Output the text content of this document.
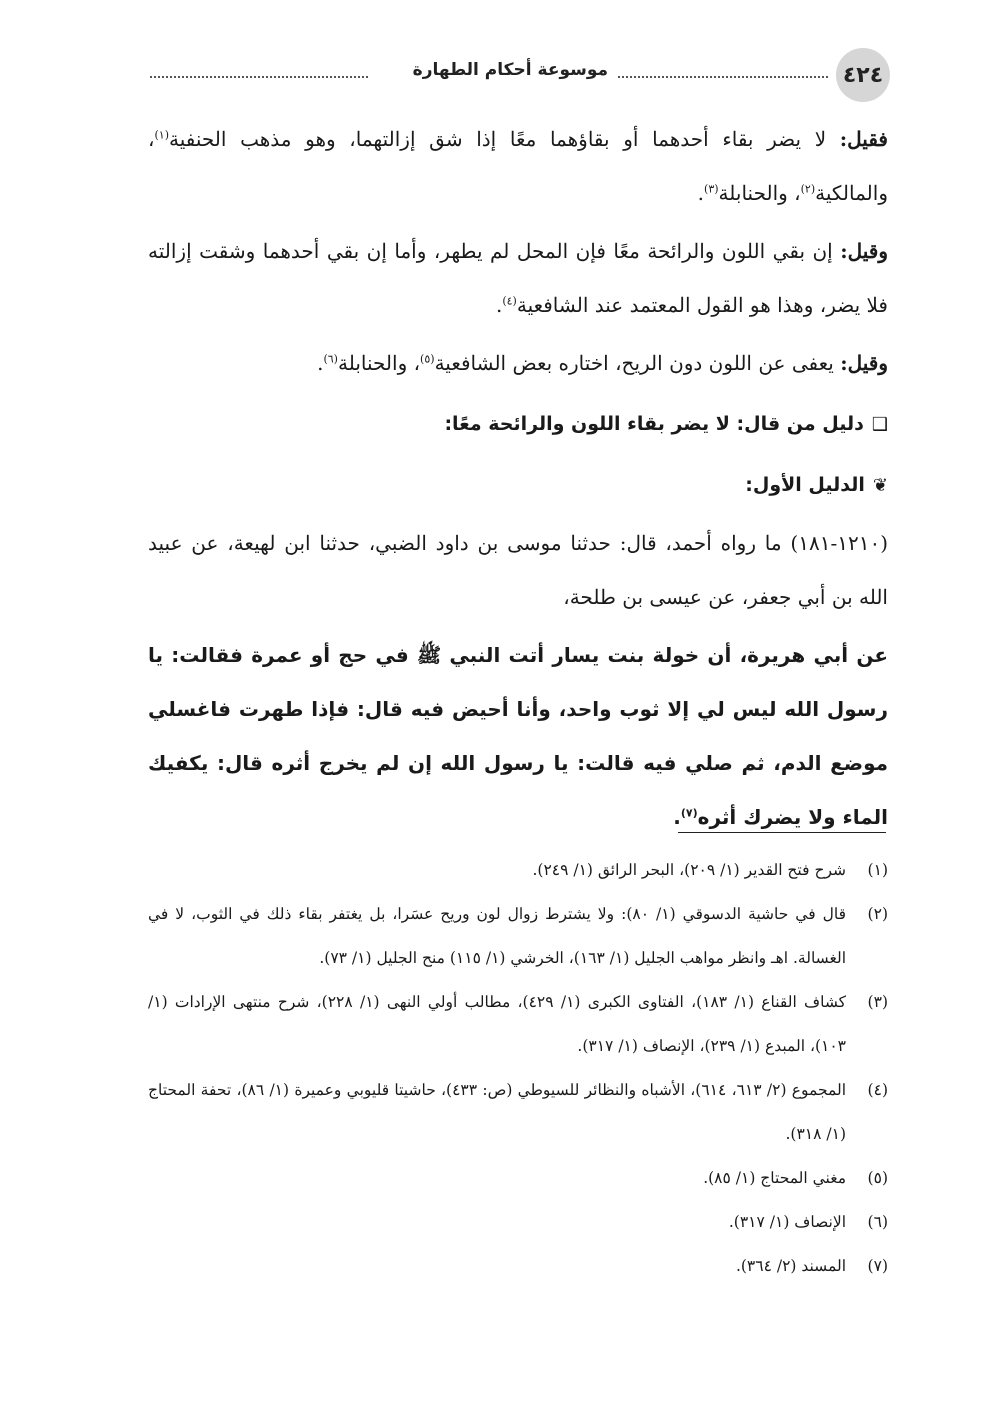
٤٢٤
موسوعة أحكام الطهارة

فقيل: لا يضر بقاء أحدهما أو بقاؤهما معًا إذا شق إزالتهما، وهو مذهب الحنفية$^{(١)}$، والمالكية$^{(٢)}$، والحنابلة$^{(٣)}$.

وقيل: إن بقي اللون والرائحة معًا فإن المحل لم يطهر، وأما إن بقي أحدهما وشقت إزالته فلا يضر، وهذا هو القول المعتمد عند الشافعية$^{(٤)}$.

وقيل: يعفى عن اللون دون الريح، اختاره بعض الشافعية$^{(٥)}$، والحنابلة$^{(٦)}$.

❑دليل من قال: لا يضر بقاء اللون والرائحة معًا:

❦الدليل الأول:

(١٢١٠-١٨١) ما رواه أحمد، قال: حدثنا موسى بن داود الضبي، حدثنا ابن لهيعة، عن عبيد الله بن أبي جعفر، عن عيسى بن طلحة،

عن أبي هريرة، أن خولة بنت يسار أتت النبي ﷺ في حج أو عمرة فقالت: يا رسول الله ليس لي إلا ثوب واحد، وأنا أحيض فيه قال: فإذا طهرت فاغسلي موضع الدم، ثم صلي فيه قالت: يا رسول الله إن لم يخرج أثره قال: يكفيك الماء ولا يضرك أثره$^{(٧)}$.

(١)
شرح فتح القدير (١/ ٢٠٩)، البحر الرائق (١/ ٢٤٩).
(٢)
قال في حاشية الدسوقي (١/ ٨٠): ولا يشترط زوال لون وريح عسَرا، بل يغتفر بقاء ذلك في الثوب، لا في الغسالة. اهـ وانظر مواهب الجليل (١/ ١٦٣)، الخرشي (١/ ١١٥) منح الجليل (١/ ٧٣).
(٣)
كشاف القناع (١/ ١٨٣)، الفتاوى الكبرى (١/ ٤٢٩)، مطالب أولي النهى (١/ ٢٢٨)، شرح منتهى الإرادات (١/ ١٠٣)، المبدع (١/ ٢٣٩)، الإنصاف (١/ ٣١٧).
(٤)
المجموع (٢/ ٦١٣، ٦١٤)، الأشباه والنظائر للسيوطي (ص: ٤٣٣)، حاشيتا قليوبي وعميرة (١/ ٨٦)، تحفة المحتاج (١/ ٣١٨).
(٥)
مغني المحتاج (١/ ٨٥).
(٦)
الإنصاف (١/ ٣١٧).
(٧)
المسند (٢/ ٣٦٤).
